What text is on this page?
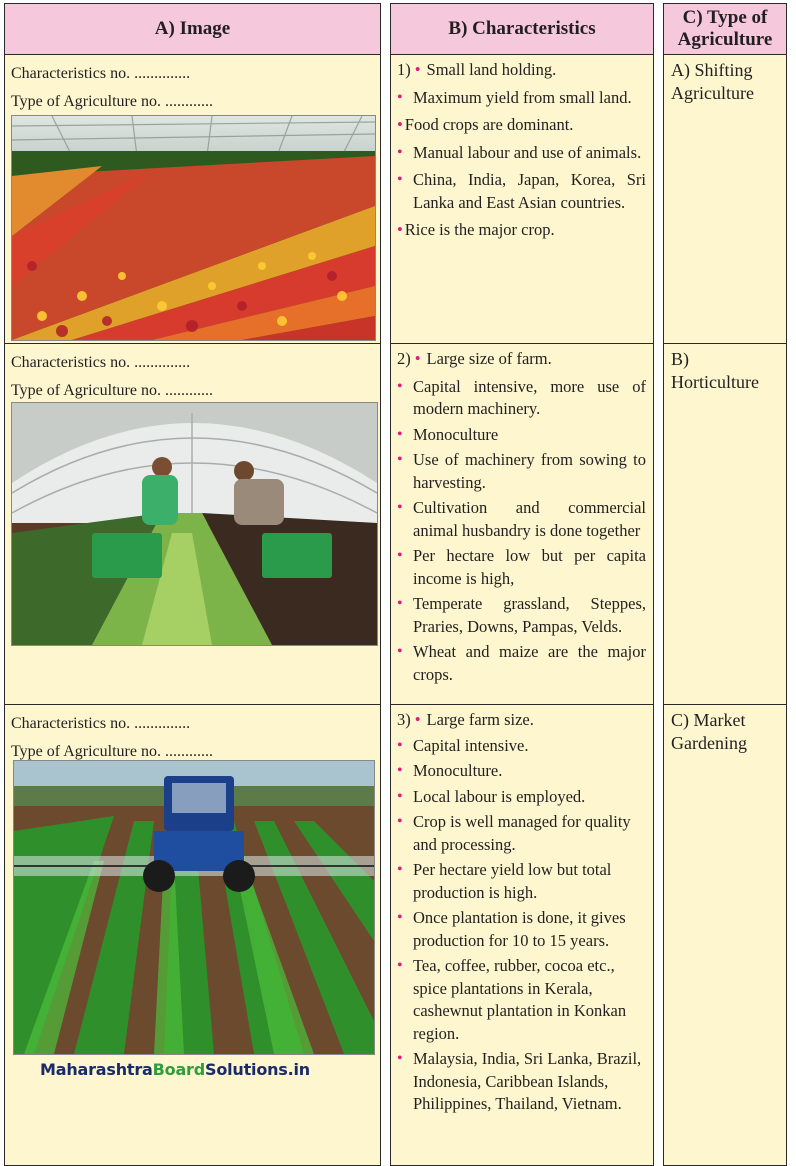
A) Image
Characteristics no. ..............
Type of Agriculture no. ............
Characteristics no. ..............
Type of Agriculture no. ............
Characteristics no. ..............
Type of Agriculture no. ............
B) Characteristics
1) • Small land holding.
• Maximum yield from small land.
• Food crops are dominant.
• Manual labour and use of animals.
• China, India, Japan, Korea, Sri Lanka and East Asian countries.
• Rice is the major crop.
2) • Large size of farm.
• Capital intensive, more use of modern machinery.
• Monoculture
• Use of machinery from sowing to harvesting.
• Cultivation and commercial animal husbandry is done together
• Per hectare low but per capita income is high,
• Temperate grassland, Steppes, Praries, Downs, Pampas, Velds.
• Wheat and maize are the major crops.
3) • Large farm size.
• Capital intensive.
• Monoculture.
• Local labour is employed.
• Crop is well managed for quality and processing.
• Per hectare yield low but total production is high.
• Once plantation is done, it gives production for 10 to 15 years.
• Tea, coffee, rubber, cocoa etc., spice plantations in Kerala, cashewnut plantation in Konkan region.
• Malaysia, India, Sri Lanka, Brazil, Indonesia, Caribbean Islands, Philippines, Thailand, Vietnam.
C) Type of Agriculture
A) Shifting Agriculture
B) Horticulture
C) Market Gardening
MaharashtraBoardSolutions.in
